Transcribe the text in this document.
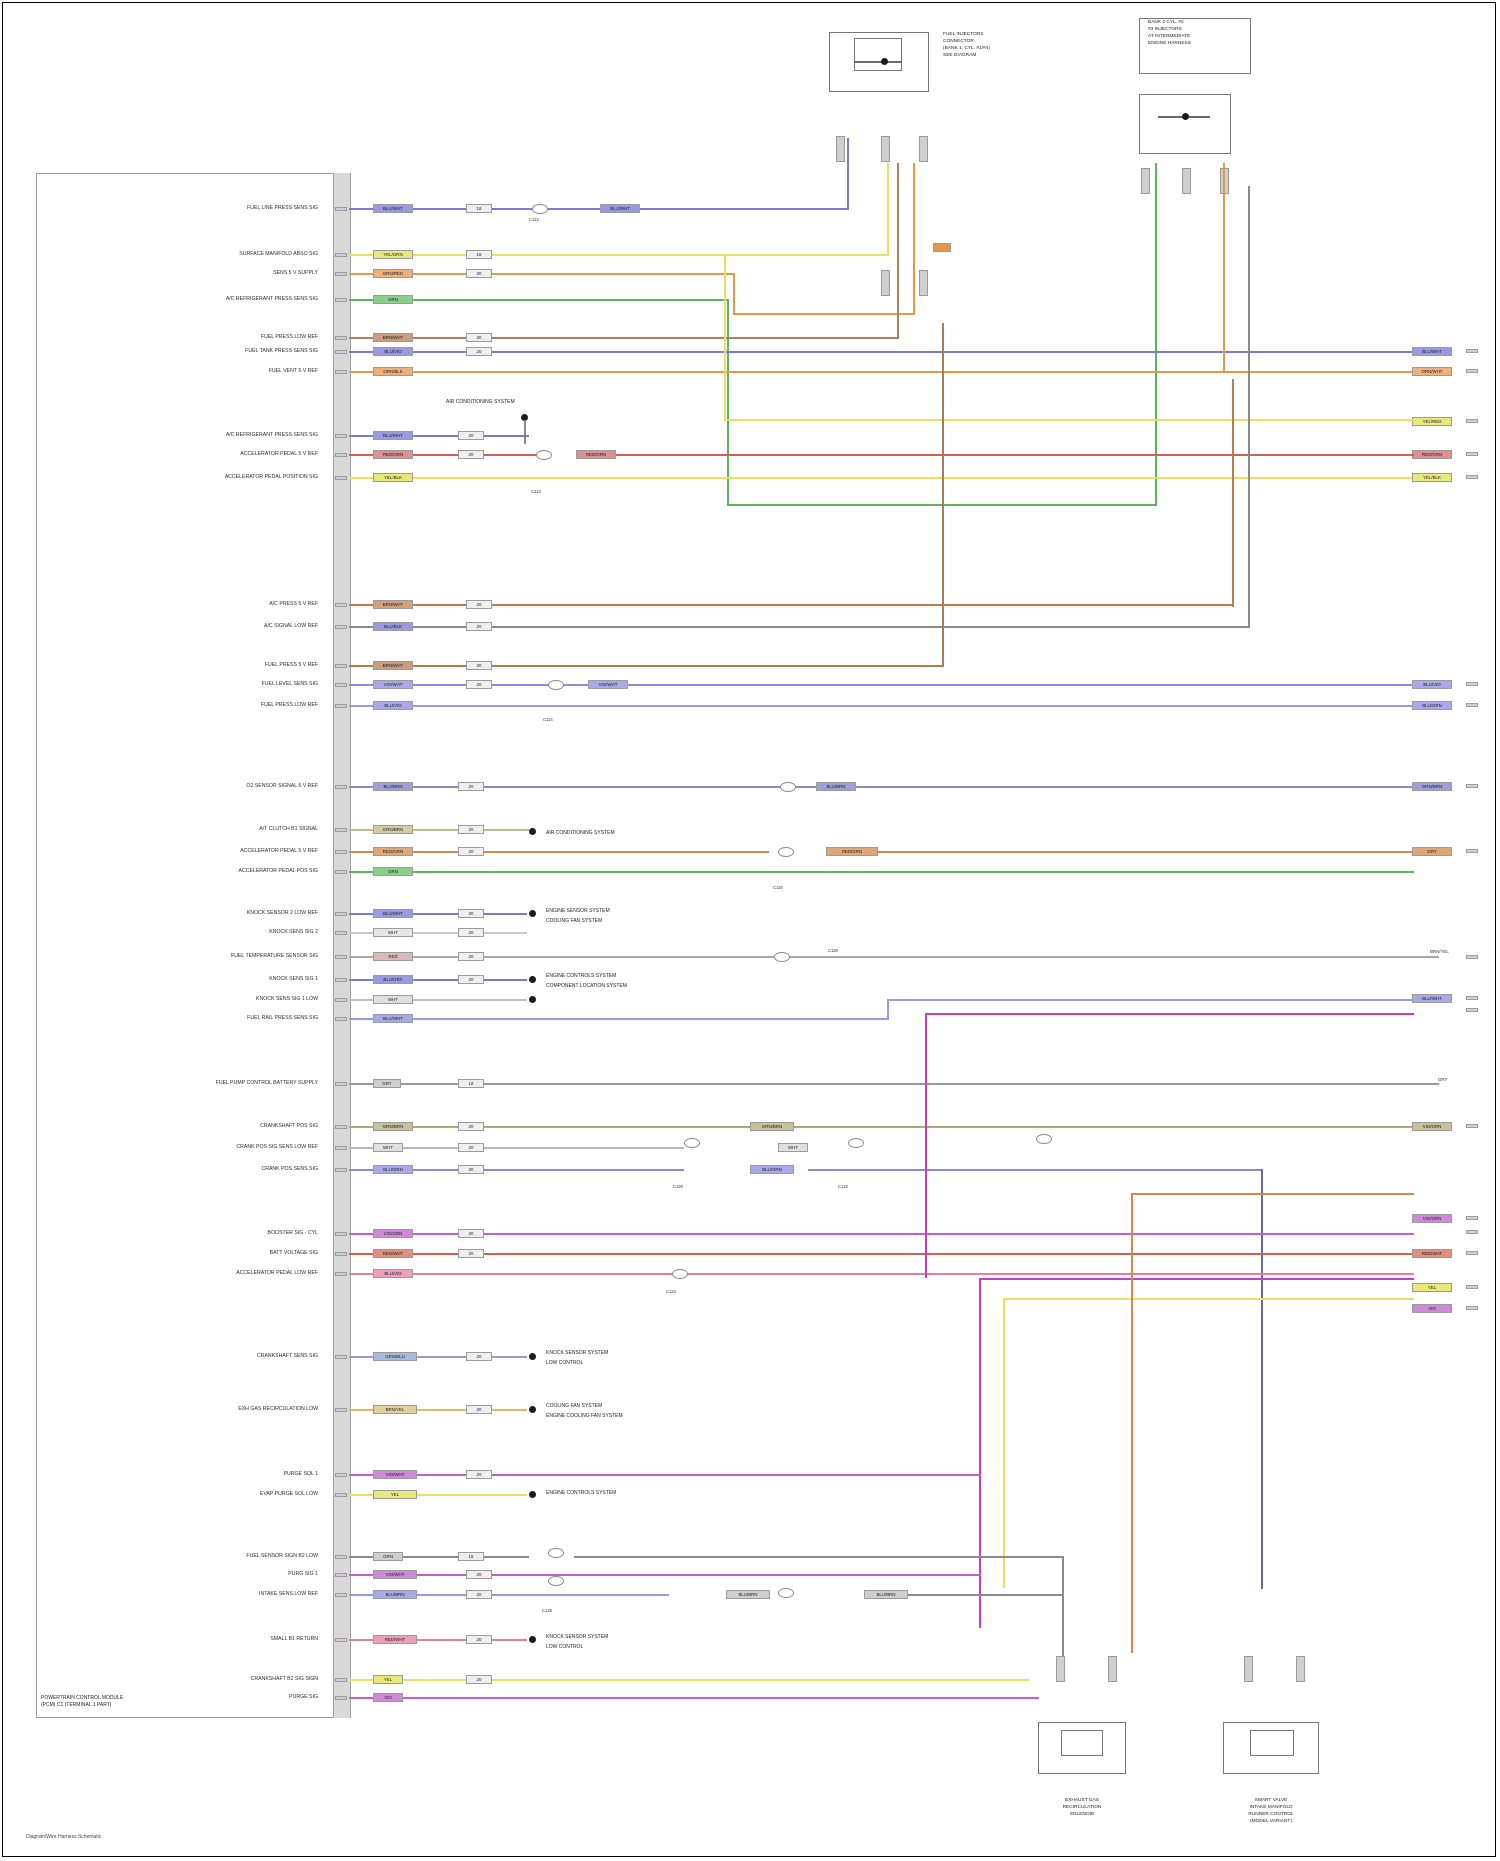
FUEL INJECTORS
CONNECTOR
(BANK 1, CYL. #1/#4)
SEE DIAGRAM
BANK 2 CYL. #2
#3 INJECTORS
AT INTERMEDIATE
ENGINE HARNESS
POWERTRAIN CONTROL MODULE
(PCM) C1 (TERMINAL 1 PART)
FUEL LINE PRESS SENS SIG	BLU/WHT	18
C112
BLU/WHT
SURFACE MANIFOLD ABSO SIG	YEL/GRN	18
SENS 5 V SUPPLY	ORN/RED	20
A/C REFRIGERANT PRESS SENS SIG	GRN
FUEL PRESS LOW REF	BRN/WHT	20
FUEL TANK PRESS SENS SIG	BLU/VIO	20	BLU/WHT
FUEL VENT 5 V REF	ORN/BLK	ORN/WHT
AIR CONDITIONING SYSTEM
A/C REFRIGERANT PRESS SENS SIG	BLU/WHT	20
YEL/RED
ACCELERATOR PEDAL 5 V REF	RED/GRN	20
C212
RED/GRN	RED/GRN
ACCELERATOR PEDAL POSITION SIG	YEL/BLK	YEL/BLK
A/C PRESS 5 V REF	BRN/WHT	20
A/C SIGNAL LOW REF	BLU/BLK	20
FUEL PRESS 5 V REF	BRN/WHT	20
FUEL LEVEL SENS SIG	VIO/WHT	20
C114
VIO/WHT	BLU/VIO
FUEL PRESS LOW REF	BLU/VIO	BLU/GRN
O2 SENSOR SIGNAL 5 V REF	BLU/BRN	20	BLU/BRN	GRN/BRN
AIR CONDITIONING SYSTEM
A/T CLUTCH B1 SIGNAL	GRN/BRN	20
ACCELERATOR PEDAL 5 V REF	RED/GRN	20
C116
RED/GRN	GRY
ACCELERATOR PEDAL POS SIG	GRN
KNOCK SENSOR 2 LOW REF	BLU/WHT	20	ENGINE SENSOR SYSTEM
COOLING FAN SYSTEM
KNOCK SENS SIG 2	WHT	20
FUEL TEMPERATURE SENSOR SIG	RED	20
C118	BRN/YEL
KNOCK SENS SIG 1	BLU/GRY	20
ENGINE CONTROLS SYSTEM
COMPONENT LOCATION SYSTEM
KNOCK SENS SIG 1 LOW	WHT
FUEL RAIL PRESS SENS SIG	BLU/WHT
BLU/WHT
FUEL PUMP CONTROL BATTERY SUPPLY	GRY	18
GRY
CRANKSHAFT POS SIG	GRN/BRN	20	GRN/BRN	VIO/GRN
CRANK POS SIG SENS LOW REF	WHT	20	WHT
C120	C122
CRANK POS SENS SIG	BLU/GRN	20	BLU/GRN
BOOSTER SIG - CYL	VIO/GRN	20
VIO/GRN
BATT VOLTAGE SIG	RED/WHT	20	RED/WHT
ACCELERATOR PEDAL LOW REF	BLU/VIO
C124
YEL
VIO
CRANKSHAFT SENS SIG	GRN/BLU	20
KNOCK SENSOR SYSTEM
LOW CONTROL
EXH GAS RECIRCULATION LOW	BRN/YEL	20
COOLING FAN SYSTEM
ENGINE COOLING FAN SYSTEM
PURGE SOL 1	VIO/WHT	20
EVAP PURGE SOL LOW	YEL	ENGINE CONTROLS SYSTEM
FUEL SENSOR SIGN B2 LOW	GRN	18
PURG SIG 1	VIO/WHT	20
INTAKE SENS LOW REF	BLU/BRN	20
C126
BLU/BRN	BLU/BRN
SMALL B1 RETURN	RED/WHT	20	KNOCK SENSOR SYSTEM
LOW CONTROL
CRANKSHAFT B2 SIG SIGN	YEL	20
PURGE SIG	VIO
EXHAUST GAS
RECIRCULATION
SOLENOID
SMART VALVE
INTAKE MANIFOLD
RUNNER CONTROL
(MODEL VARIANT)
Diagram/Wire Harness Schematic
